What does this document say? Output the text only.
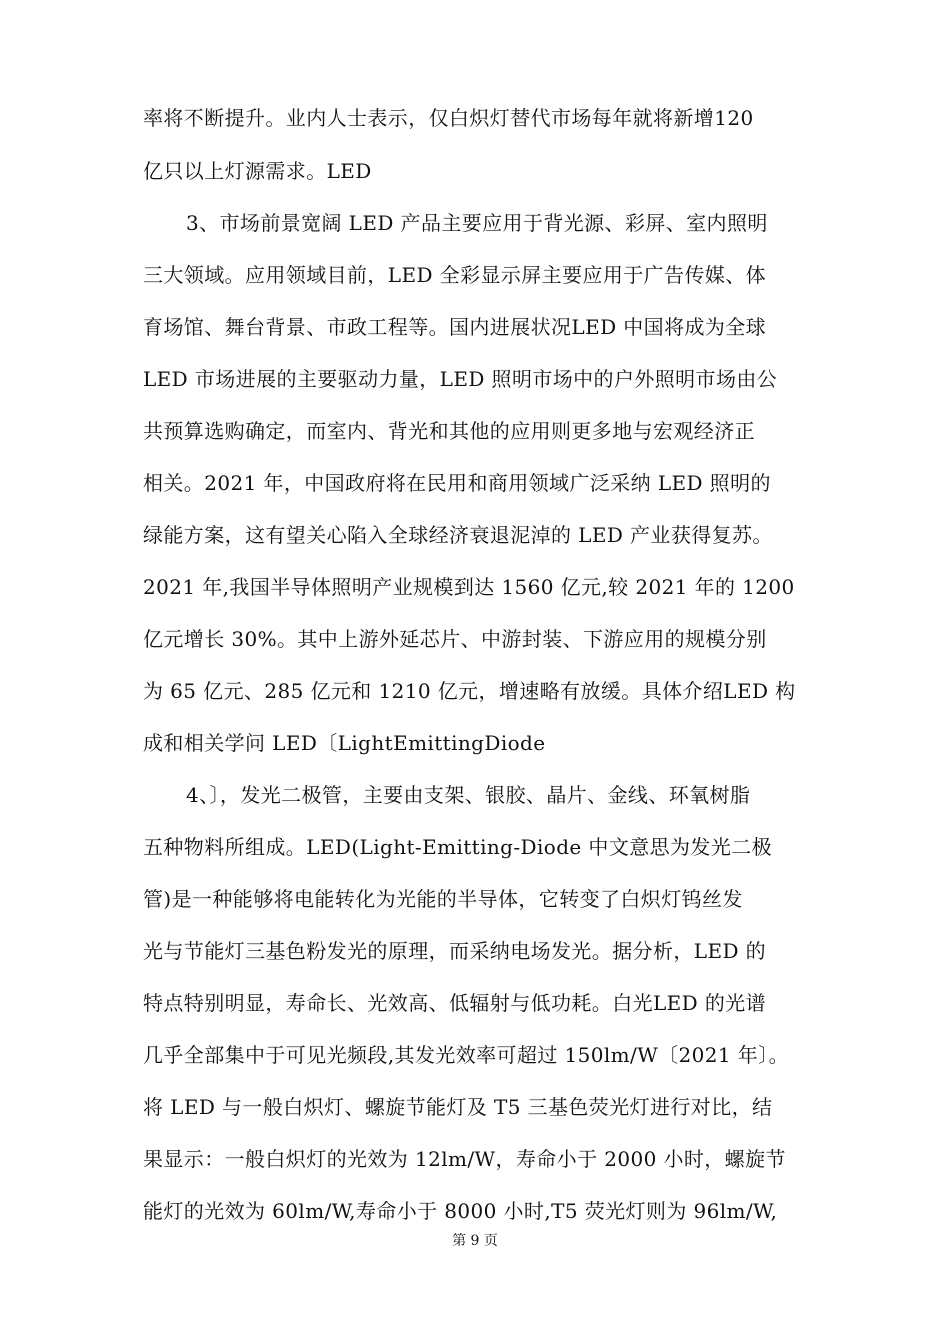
率将不断提升。业内人士表示，仅白炽灯替代市场每年就将新增120
亿只以上灯源需求。LED
3、市场前景宽阔 LED 产品主要应用于背光源、彩屏、室内照明
三大领域。应用领域目前，LED 全彩显示屏主要应用于广告传媒、体
育场馆、舞台背景、市政工程等。国内进展状况LED 中国将成为全球
LED 市场进展的主要驱动力量，LED 照明市场中的户外照明市场由公
共预算选购确定，而室内、背光和其他的应用则更多地与宏观经济正
相关。2021 年，中国政府将在民用和商用领域广泛采纳 LED 照明的
绿能方案，这有望关心陷入全球经济衰退泥淖的 LED 产业获得复苏。
2021 年,我国半导体照明产业规模到达 1560 亿元,较 2021 年的 1200
亿元增长 30%。其中上游外延芯片、中游封装、下游应用的规模分别
为 65 亿元、285 亿元和 1210 亿元，增速略有放缓。具体介绍LED 构
成和相关学问 LED〔LightEmittingDiode
4、〕，发光二极管，主要由支架、银胶、晶片、金线、环氧树脂
五种物料所组成。LED(Light-Emitting-Diode 中文意思为发光二极
管)是一种能够将电能转化为光能的半导体，它转变了白炽灯钨丝发
光与节能灯三基色粉发光的原理，而采纳电场发光。据分析，LED 的
特点特别明显，寿命长、光效高、低辐射与低功耗。白光LED 的光谱
几乎全部集中于可见光频段,其发光效率可超过 150lm/W〔2021 年〕。
将 LED 与一般白炽灯、螺旋节能灯及 T5 三基色荧光灯进行对比，结
果显示：一般白炽灯的光效为 12lm/W，寿命小于 2000 小时，螺旋节
能灯的光效为 60lm/W,寿命小于 8000 小时,T5 荧光灯则为 96lm/W,
第 9 页
